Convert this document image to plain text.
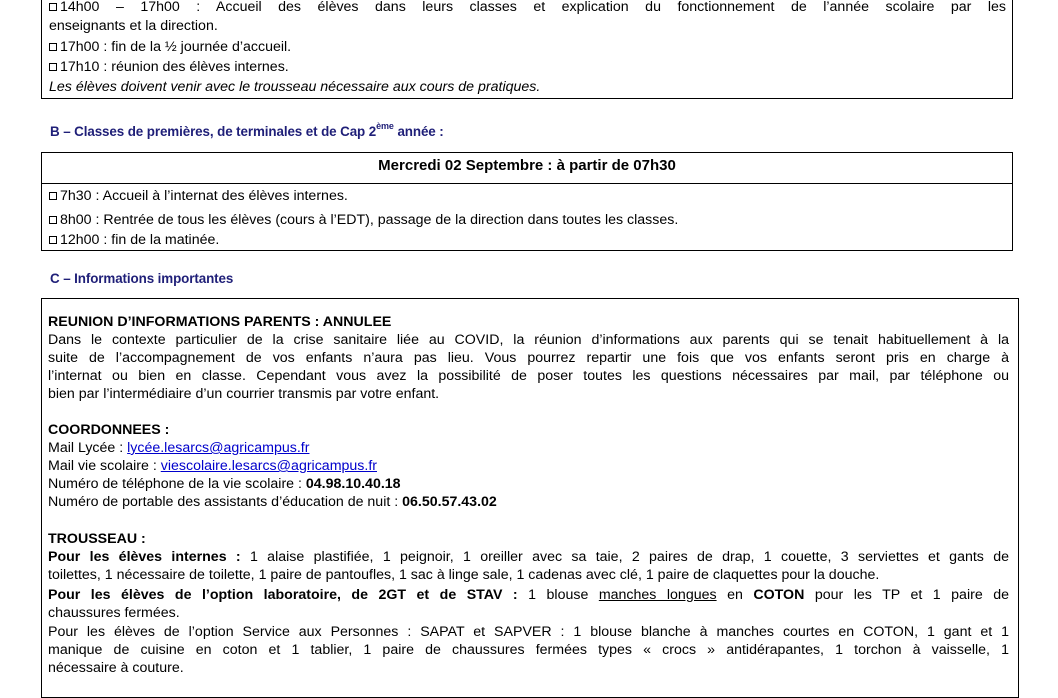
14h00 – 17h00 : Accueil des élèves dans leurs classes et explication du fonctionnement de l’année scolaire par les
enseignants et la direction.
17h00 : fin de la ½ journée d’accueil.
17h10 : réunion des élèves internes.
Les élèves doivent venir avec le trousseau nécessaire aux cours de pratiques.
B – Classes de premières, de terminales et de Cap 2ème année :
Mercredi 02 Septembre : à partir de 07h30
7h30 : Accueil à l’internat des élèves internes.
8h00 : Rentrée de tous les élèves (cours à l’EDT), passage de la direction dans toutes les classes.
12h00 : fin de la matinée.
C – Informations importantes
REUNION D’INFORMATIONS PARENTS : ANNULEE
Dans le contexte particulier de la crise sanitaire liée au COVID, la réunion d’informations aux parents qui se tenait habituellement à la
suite de l’accompagnement de vos enfants n’aura pas lieu. Vous pourrez repartir une fois que vos enfants seront pris en charge à
l’internat ou bien en classe. Cependant vous avez la possibilité de poser toutes les questions nécessaires par mail, par téléphone ou
bien par l’intermédiaire d’un courrier transmis par votre enfant.
COORDONNEES :
Mail Lycée : lycée.lesarcs@agricampus.fr
Mail vie scolaire : viescolaire.lesarcs@agricampus.fr
Numéro de téléphone de la vie scolaire : 04.98.10.40.18
Numéro de portable des assistants d’éducation de nuit : 06.50.57.43.02
TROUSSEAU :
Pour les élèves internes : 1 alaise plastifiée, 1 peignoir, 1 oreiller avec sa taie, 2 paires de drap, 1 couette, 3 serviettes et gants de
toilettes, 1 nécessaire de toilette, 1 paire de pantoufles, 1 sac à linge sale, 1 cadenas avec clé, 1 paire de claquettes pour la douche.
Pour les élèves de l’option laboratoire, de 2GT et de STAV : 1 blouse manches longues en COTON pour les TP et 1 paire de
chaussures fermées.
Pour les élèves de l’option Service aux Personnes : SAPAT et SAPVER : 1 blouse blanche à manches courtes en COTON, 1 gant et 1
manique de cuisine en coton et 1 tablier, 1 paire de chaussures fermées types « crocs » antidérapantes, 1 torchon à vaisselle, 1
nécessaire à couture.
